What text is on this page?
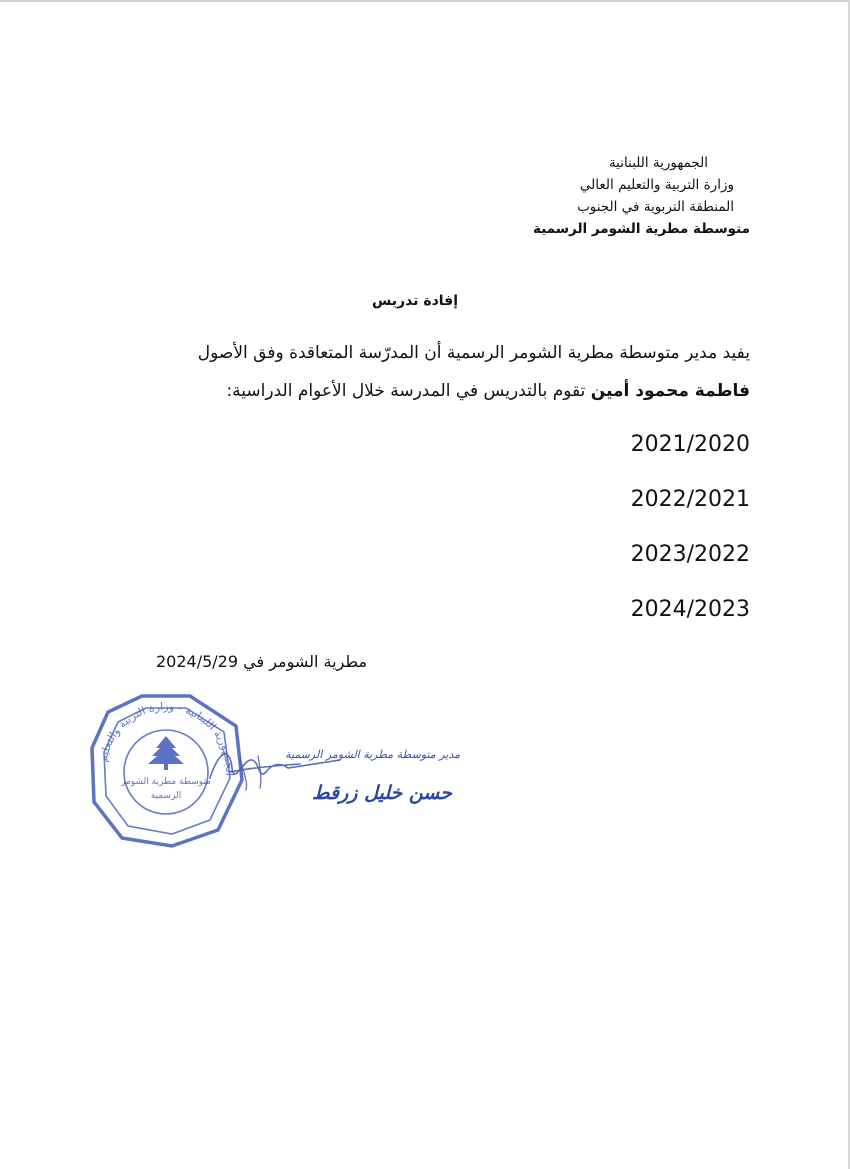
الجمهورية اللبنانية
وزارة التربية والتعليم العالي
المنطقة التربوية في الجنوب
متوسطة مطرية الشومر الرسمية
إفادة تدريس
يفيد مدير متوسطة مطرية الشومر الرسمية أن المدرّسة المتعاقدة وفق الأصول
فاطمة محمود أمين تقوم بالتدريس في المدرسة خلال الأعوام الدراسية:
2021/2020
2022/2021
2023/2022
2024/2023
مطرية الشومر في 2024/5/29
الجمهورية اللبنانية - وزارة التربية والتعليم
متوسطة مطرية الشومر
الرسمية
مدير متوسطة مطرية الشومر الرسمية
حسن خليل زرقط
